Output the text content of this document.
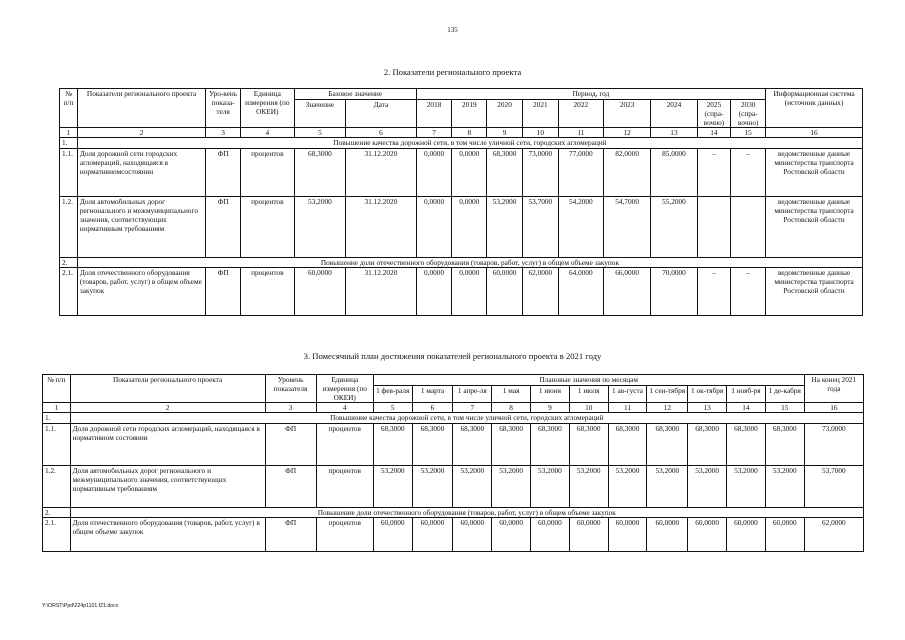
135
2. Показатели регионального проекта
№ п/п	Показатели регионального проекта	Уро-вень показа-теля	Единица измерения (по ОКЕИ)	Базовое значение		Период, год									Информационная система (источник данных)
				Значение	Дата	2018	2019	2020	2021	2022	2023	2024	2025 (спра-вочно)	2030 (спра-вочно)	

1	2	3	4	5	6	7	8	9	10	11	12	13	14	15	16
1.	Повышение качества дорожной сети, в том числе уличной сети, городских агломераций														
1.1.	Доля дорожной сети городских агломераций, находящаяся в нормативномсостоянии	ФП	процентов	68,3000	31.12.2020	0,0000	0,0000	68,3000	73,0000	77,0000	82,0000	85,0000	–	–	ведомственные данные министерства транспорта Ростовской области
1.2.	Доля автомобильных дорог регионального и межмуниципального значения, соответствующих нормативным требованиям	ФП	процентов	53,2000	31.12.2020	0,0000	0,0000	53,2000	53,7000	54,2000	54,7000	55,2000			ведомственные данные министерства транспорта Ростовской области
2.	Повышение доли отечественного оборудования (товаров, работ, услуг) в общем объеме закупок														
2.1.	Доля отечественного оборудования (товаров, работ, услуг) в общем объеме закупок	ФП	процентов	60,0000	31.12.2020	0,0000	0,0000	60,0000	62,0000	64,0000	66,0000	70,0000	–	–	ведомственные данные министерства транспорта Ростовской области
3. Помесячный план достижения показателей регионального проекта в 2021 году
№ п/п	Показатели регионального проекта	Уровень показателя	Единица измерения (по ОКЕИ)	Плановые значения по месяцам											На конец 2021 года
				1 фев-раля	1 марта	1 апре-ля	1 мая	1 июня	1 июля	1 ав-густа	1 сен-тября	1 ок-тября	1 нояб-ря	1 де-кабря	
1	2	3	4	5	6	7	8	9	10	11	12	13	14	15	16
1.	Повышение качества дорожной сети, в том числе уличной сети, городских агломераций														
1.1.	Доля дорожной сети городских агломераций, находящаяся в нормативном состоянии	ФП	процентов	68,3000	68,3000	68,3000	68,3000	68,3000	68,3000	68,3000	68,3000	68,3000	68,3000	68,3000	73,0000
1.2.	Доля автомобильных дорог регионального и межмуниципального значения, соответствующих нормативным требованиям	ФП	процентов	53,2000	53,2000	53,2000	53,2000	53,2000	53,2000	53,2000	53,2000	53,2000	53,2000	53,2000	53,7000
2.	Повышение доли отечественного оборудования (товаров, работ, услуг) в общем объеме закупок														
2.1.	Доля отечественного оборудования (товаров, работ, услуг) в общем объеме закупок	ФП	процентов	60,0000	60,0000	60,0000	60,0000	60,0000	60,0000	60,0000	60,0000	60,0000	60,0000	60,0000	62,0000
Y:\ORST\Ppd\224p1101.f21.docx
